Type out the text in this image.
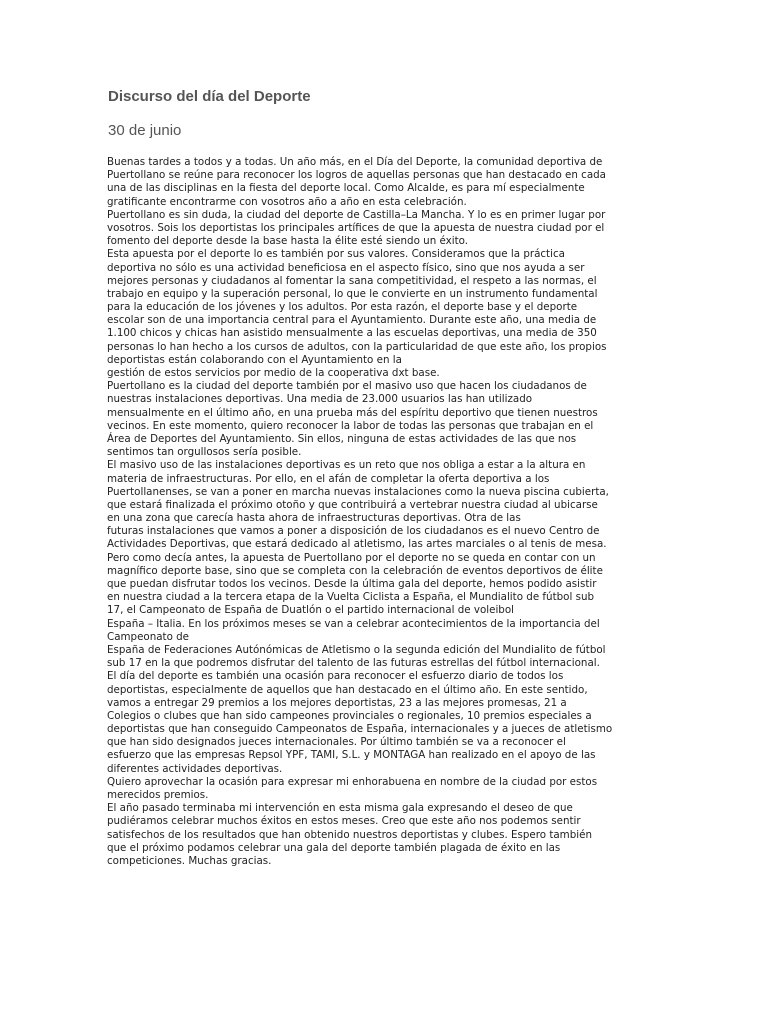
Discurso del día del Deporte
30 de junio
Buenas tardes a todos y a todas. Un año más, en el Día del Deporte, la comunidad deportiva de
Puertollano se reúne para reconocer los logros de aquellas personas que han destacado en cada
una de las disciplinas en la fiesta del deporte local. Como Alcalde, es para mí especialmente
gratificante encontrarme con vosotros año a año en esta celebración.
Puertollano es sin duda, la ciudad del deporte de Castilla–La Mancha. Y lo es en primer lugar por
vosotros. Sois los deportistas los principales artífices de que la apuesta de nuestra ciudad por el
fomento del deporte desde la base hasta la élite esté siendo un éxito.
Esta apuesta por el deporte lo es también por sus valores. Consideramos que la práctica
deportiva no sólo es una actividad beneficiosa en el aspecto físico, sino que nos ayuda a ser
mejores personas y ciudadanos al fomentar la sana competitividad, el respeto a las normas, el
trabajo en equipo y la superación personal, lo que le convierte en un instrumento fundamental
para la educación de los jóvenes y los adultos. Por esta razón, el deporte base y el deporte
escolar son de una importancia central para el Ayuntamiento. Durante este año, una media de
1.100 chicos y chicas han asistido mensualmente a las escuelas deportivas, una media de 350
personas lo han hecho a los cursos de adultos, con la particularidad de que este año, los propios
deportistas están colaborando con el Ayuntamiento en la
gestión de estos servicios por medio de la cooperativa dxt base.
Puertollano es la ciudad del deporte también por el masivo uso que hacen los ciudadanos de
nuestras instalaciones deportivas. Una media de 23.000 usuarios las han utilizado
mensualmente en el último año, en una prueba más del espíritu deportivo que tienen nuestros
vecinos. En este momento, quiero reconocer la labor de todas las personas que trabajan en el
Área de Deportes del Ayuntamiento. Sin ellos, ninguna de estas actividades de las que nos
sentimos tan orgullosos sería posible.
El masivo uso de las instalaciones deportivas es un reto que nos obliga a estar a la altura en
materia de infraestructuras. Por ello, en el afán de completar la oferta deportiva a los
Puertollanenses, se van a poner en marcha nuevas instalaciones como la nueva piscina cubierta,
que estará finalizada el próximo otoño y que contribuirá a vertebrar nuestra ciudad al ubicarse
en una zona que carecía hasta ahora de infraestructuras deportivas. Otra de las
futuras instalaciones que vamos a poner a disposición de los ciudadanos es el nuevo Centro de
Actividades Deportivas, que estará dedicado al atletismo, las artes marciales o al tenis de mesa.
Pero como decía antes, la apuesta de Puertollano por el deporte no se queda en contar con un
magnífico deporte base, sino que se completa con la celebración de eventos deportivos de élite
que puedan disfrutar todos los vecinos. Desde la última gala del deporte, hemos podido asistir
en nuestra ciudad a la tercera etapa de la Vuelta Ciclista a España, el Mundialito de fútbol sub
17, el Campeonato de España de Duatlón o el partido internacional de voleibol
España – Italia. En los próximos meses se van a celebrar acontecimientos de la importancia del
Campeonato de
España de Federaciones Autónómicas de Atletismo o la segunda edición del Mundialito de fútbol
sub 17 en la que podremos disfrutar del talento de las futuras estrellas del fútbol internacional.
El día del deporte es también una ocasión para reconocer el esfuerzo diario de todos los
deportistas, especialmente de aquellos que han destacado en el último año. En este sentido,
vamos a entregar 29 premios a los mejores deportistas, 23 a las mejores promesas, 21 a
Colegios o clubes que han sido campeones provinciales o regionales, 10 premios especiales a
deportistas que han conseguido Campeonatos de España, internacionales y a jueces de atletismo
que han sido designados jueces internacionales. Por último también se va a reconocer el
esfuerzo que las empresas Repsol YPF, TAMI, S.L. y MONTAGA han realizado en el apoyo de las
diferentes actividades deportivas.
Quiero aprovechar la ocasión para expresar mi enhorabuena en nombre de la ciudad por estos
merecidos premios.
El año pasado terminaba mi intervención en esta misma gala expresando el deseo de que
pudiéramos celebrar muchos éxitos en estos meses. Creo que este año nos podemos sentir
satisfechos de los resultados que han obtenido nuestros deportistas y clubes. Espero también
que el próximo podamos celebrar una gala del deporte también plagada de éxito en las
competiciones. Muchas gracias.
